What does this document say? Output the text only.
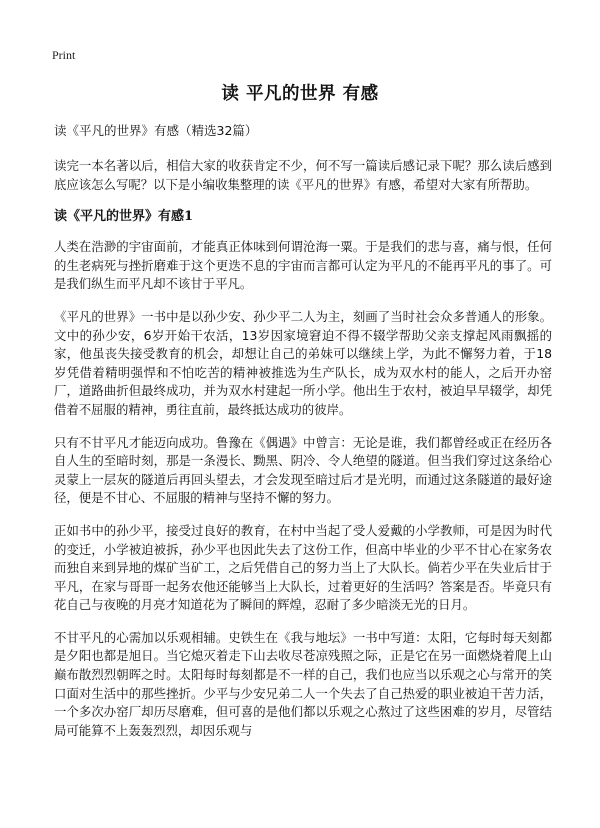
Print
读 平凡的世界 有感

读《平凡的世界》有感（精选32篇）

读完一本名著以后，相信大家的收获肯定不少，何不写一篇读后感记录下呢？那么读后感到底应该怎么写呢？以下是小编收集整理的读《平凡的世界》有感，希望对大家有所帮助。

读《平凡的世界》有感1

人类在浩渺的宇宙面前，才能真正体味到何谓沧海一粟。于是我们的悲与喜，痛与恨，任何的生老病死与挫折磨难于这个更迭不息的宇宙而言都可认定为平凡的不能再平凡的事了。可是我们纵生而平凡却不该甘于平凡。

《平凡的世界》一书中是以孙少安、孙少平二人为主，刻画了当时社会众多普通人的形象。文中的孙少安，6岁开始干农活，13岁因家境窘迫不得不辍学帮助父亲支撑起风雨飘摇的家，他虽丧失接受教育的机会，却想让自己的弟妹可以继续上学，为此不懈努力着，于18岁凭借着精明强悍和不怕吃苦的精神被推选为生产队长，成为双水村的能人，之后开办窑厂，道路曲折但最终成功，并为双水村建起一所小学。他出生于农村，被迫早早辍学，却凭借着不屈服的精神，勇往直前，最终抵达成功的彼岸。

只有不甘平凡才能迈向成功。鲁豫在《偶遇》中曾言：无论是谁，我们都曾经或正在经历各自人生的至暗时刻，那是一条漫长、黝黑、阴冷、令人绝望的隧道。但当我们穿过这条给心灵蒙上一层灰的隧道后再回头望去，才会发现至暗过后才是光明，而通过这条隧道的最好途径，便是不甘心、不屈服的精神与坚持不懈的努力。

正如书中的孙少平，接受过良好的教育，在村中当起了受人爱戴的小学教师，可是因为时代的变迁，小学被迫被拆，孙少平也因此失去了这份工作，但高中毕业的少平不甘心在家务农而独自来到异地的煤矿当矿工，之后凭借自己的努力当上了大队长。倘若少平在失业后甘于平凡，在家与哥哥一起务农他还能够当上大队长，过着更好的生活吗？答案是否。毕竟只有花自己与夜晚的月亮才知道花为了瞬间的辉煌，忍耐了多少暗淡无光的日月。

不甘平凡的心需加以乐观相辅。史铁生在《我与地坛》一书中写道：太阳，它每时每天刻都是夕阳也都是旭日。当它熄灭着走下山去收尽苍凉残照之际，正是它在另一面燃烧着爬上山巅布散烈烈朝晖之时。太阳每时每刻都是不一样的自己，我们也应当以乐观之心与常开的笑口面对生活中的那些挫折。少平与少安兄弟二人一个失去了自己热爱的职业被迫干苦力活，一个多次办窑厂却历尽磨难，但可喜的是他们都以乐观之心熬过了这些困难的岁月，尽管结局可能算不上轰轰烈烈，却因乐观与
